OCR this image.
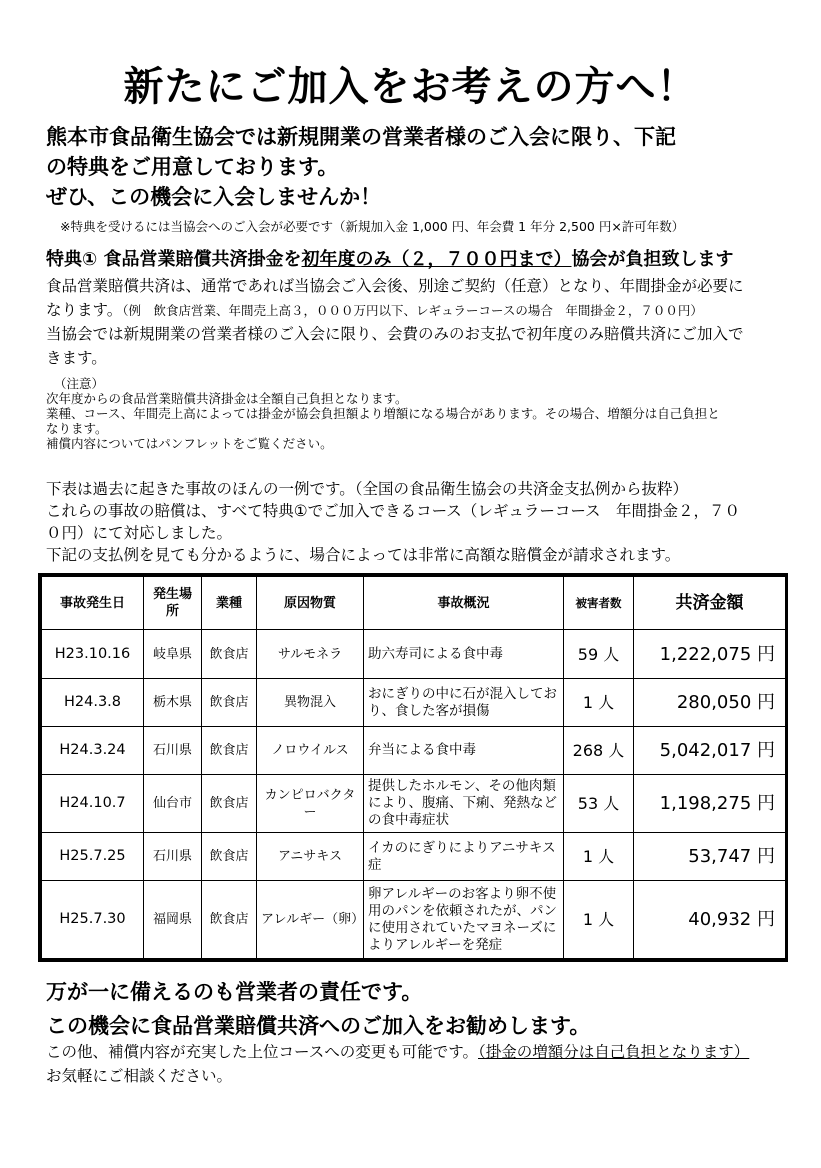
新たにご加入をお考えの方へ！
熊本市食品衛生協会では新規開業の営業者様のご入会に限り、下記
の特典をご用意しております。
ぜひ、この機会に入会しませんか！
※特典を受けるには当協会へのご入会が必要です（新規加入金 1,000 円、年会費 1 年分 2,500 円×許可年数）
特典① 食品営業賠償共済掛金を初年度のみ（２，７００円まで）協会が負担致します
食品営業賠償共済は、通常であれば当協会ご入会後、別途ご契約（任意）となり、年間掛金が必要に
なります。（例　飲食店営業、年間売上高３，０００万円以下、レギュラーコースの場合　年間掛金２，７００円）
当協会では新規開業の営業者様のご入会に限り、会費のみのお支払で初年度のみ賠償共済にご加入で
きます。
（注意）
次年度からの食品営業賠償共済掛金は全額自己負担となります。
業種、コース、年間売上高によっては掛金が協会負担額より増額になる場合があります。その場合、増額分は自己負担と
なります。
補償内容についてはパンフレットをご覧ください。
下表は過去に起きた事故のほんの一例です。（全国の食品衛生協会の共済金支払例から抜粋）
これらの事故の賠償は、すべて特典①でご加入できるコース（レギュラーコース　年間掛金２，７０
０円）にて対応しました。
下記の支払例を見ても分かるように、場合によっては非常に高額な賠償金が請求されます。
事故発生日	発生場所	業種	原因物質	事故概況	被害者数	共済金額
H23.10.16	岐阜県	飲食店	サルモネラ	助六寿司による食中毒	59 人	1,222,075 円
H24.3.8	栃木県	飲食店	異物混入	おにぎりの中に石が混入しており、食した客が損傷	1 人	280,050 円
H24.3.24	石川県	飲食店	ノロウイルス	弁当による食中毒	268 人	5,042,017 円
H24.10.7	仙台市	飲食店	カンピロバクター	提供したホルモン、その他肉類により、腹痛、下痢、発熱などの食中毒症状	53 人	1,198,275 円
H25.7.25	石川県	飲食店	アニサキス	イカのにぎりによりアニサキス症	1 人	53,747 円
H25.7.30	福岡県	飲食店	アレルギー（卵）	卵アレルギーのお客より卵不使用のパンを依頼されたが、パンに使用されていたマヨネーズによりアレルギーを発症	1 人	40,932 円
万が一に備えるのも営業者の責任です。
この機会に食品営業賠償共済へのご加入をお勧めします。
この他、補償内容が充実した上位コースへの変更も可能です。（掛金の増額分は自己負担となります）
お気軽にご相談ください。
